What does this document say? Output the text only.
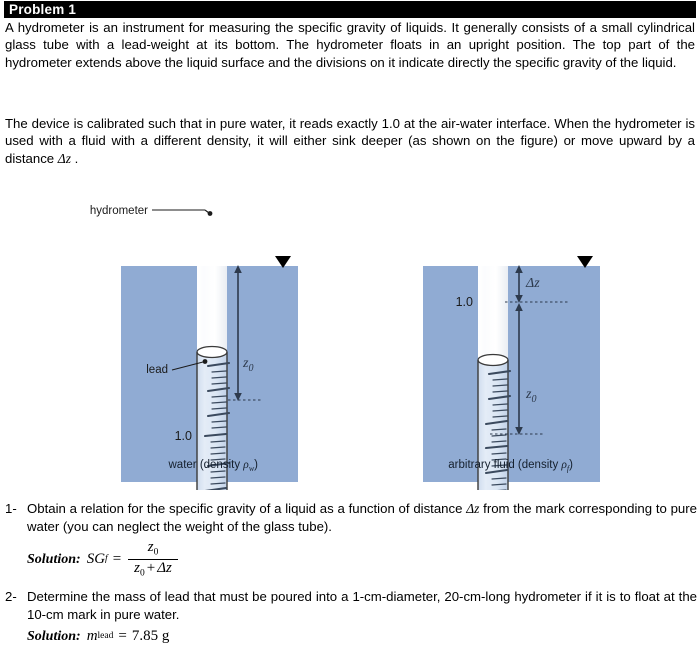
Problem 1
A hydrometer is an instrument for measuring the specific gravity of liquids. It generally consists of a small cylindrical glass tube with a lead-weight at its bottom. The hydrometer floats in an upright position. The top part of the hydrometer extends above the liquid surface and the divisions on it indicate directly the specific gravity of the liquid.
The device is calibrated such that in pure water, it reads exactly 1.0 at the air-water interface. When the hydrometer is used with a fluid with a different density, it will either sink deeper (as shown on the figure) or move upward by a distance Δz .
1.0
hydrometer
lead	$z_0$
water (density $\rho_w$)
1.0
Δz
$z_0$
arbitrary fluid (density $\rho_f$)
1- Obtain a relation for the specific gravity of a liquid as a function of distance Δz from the mark corresponding to pure water (you can neglect the weight of the glass tube).
Solution: SG $f = \frac{z_0}{z_0 + \Delta z}$
2- Determine the mass of lead that must be poured into a 1-cm-diameter, 20-cm-long hydrometer if it is to float at the 10-cm mark in pure water.
Solution: m lead = 7.85 g
